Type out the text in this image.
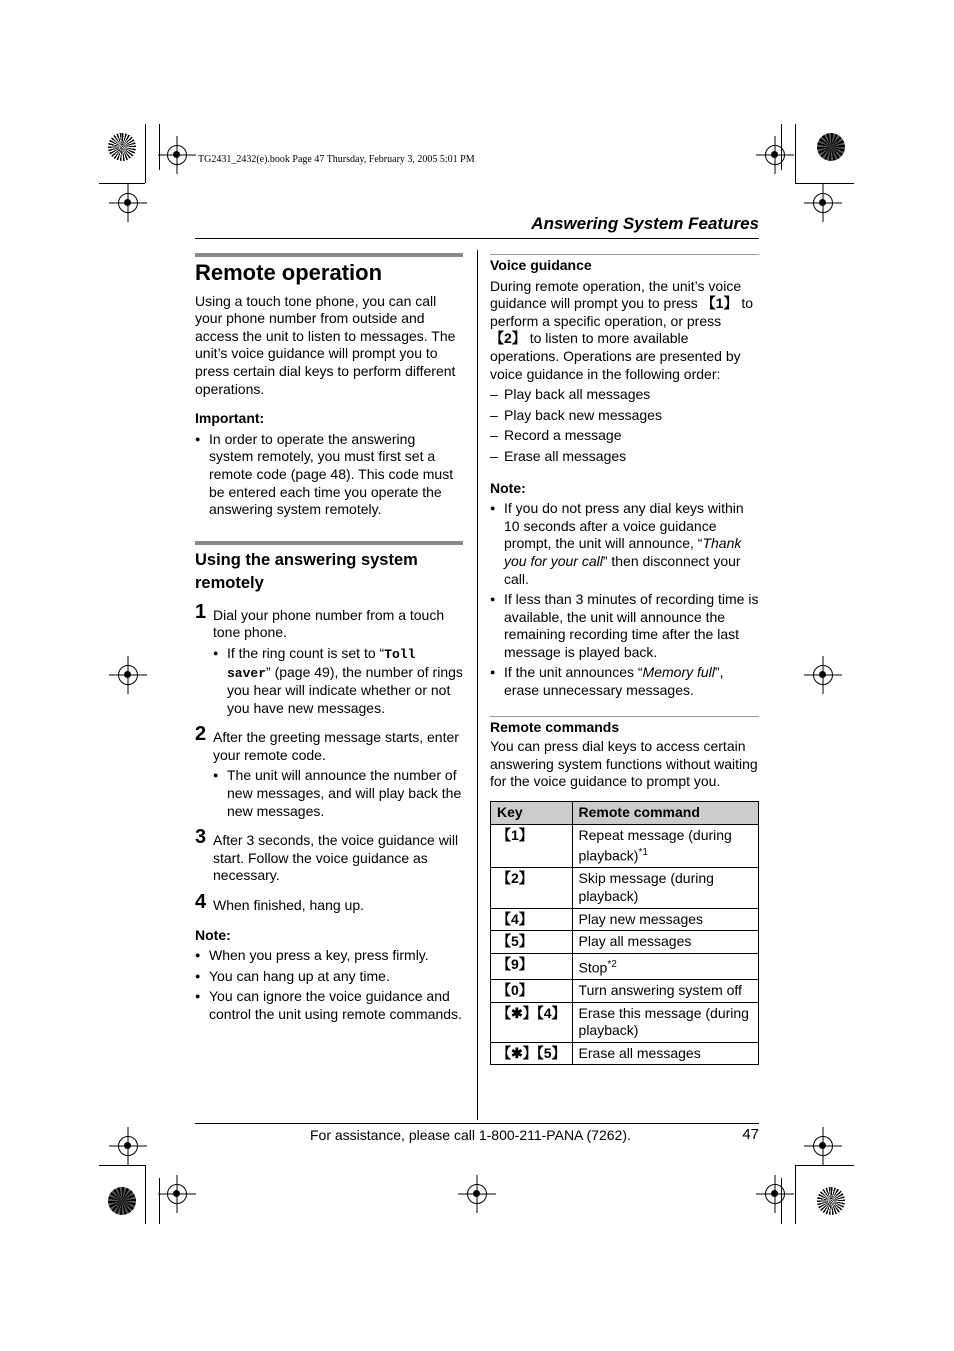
TG2431_2432(e).book Page 47 Thursday, February 3, 2005 5:01 PM
Answering System Features
Remote operation

Using a touch tone phone, you can call your phone number from outside and access the unit to listen to messages. The unit’s voice guidance will prompt you to press certain dial keys to perform different operations.

Important:

● In order to operate the answering system remotely, you must first set a remote code (page 48). This code must be entered each time you operate the answering system remotely.
Using the answering system remotely
1 Dial your phone number from a touch tone phone.

● If the ring count is set to “Toll saver” (page 49), the number of rings you hear will indicate whether or not you have new messages.
2 After the greeting message starts, enter your remote code.

● The unit will announce the number of new messages, and will play back the new messages.
3 After 3 seconds, the voice guidance will start. Follow the voice guidance as necessary.

4 When finished, hang up.

Note:

● When you press a key, press firmly.
● You can hang up at any time.
● You can ignore the voice guidance and control the unit using remote commands.

Voice guidance

During remote operation, the unit’s voice guidance will prompt you to press 【1】 to perform a specific operation, or press 【2】 to listen to more available operations. Operations are presented by voice guidance in the following order:

– Play back all messages
– Play back new messages
– Record a message
– Erase all messages

Note:

● If you do not press any dial keys within 10 seconds after a voice guidance prompt, the unit will announce, “Thank you for your call” then disconnect your call.
● If less than 3 minutes of recording time is available, the unit will announce the remaining recording time after the last message is played back.
● If the unit announces “Memory full”, erase unnecessary messages.

Remote commands

You can press dial keys to access certain answering system functions without waiting for the voice guidance to prompt you.

Key	Remote command
【1】	Repeat message (during playback)$^{*1}$
【2】	Skip message (during playback)
【4】	Play new messages
【5】	Play all messages
【9】	Stop$^{*2}$
【0】	Turn answering system off
【✱】【4】	Erase this message (during playback)
【✱】【5】	Erase all messages
For assistance, please call 1-800-211-PANA (7262).	47
